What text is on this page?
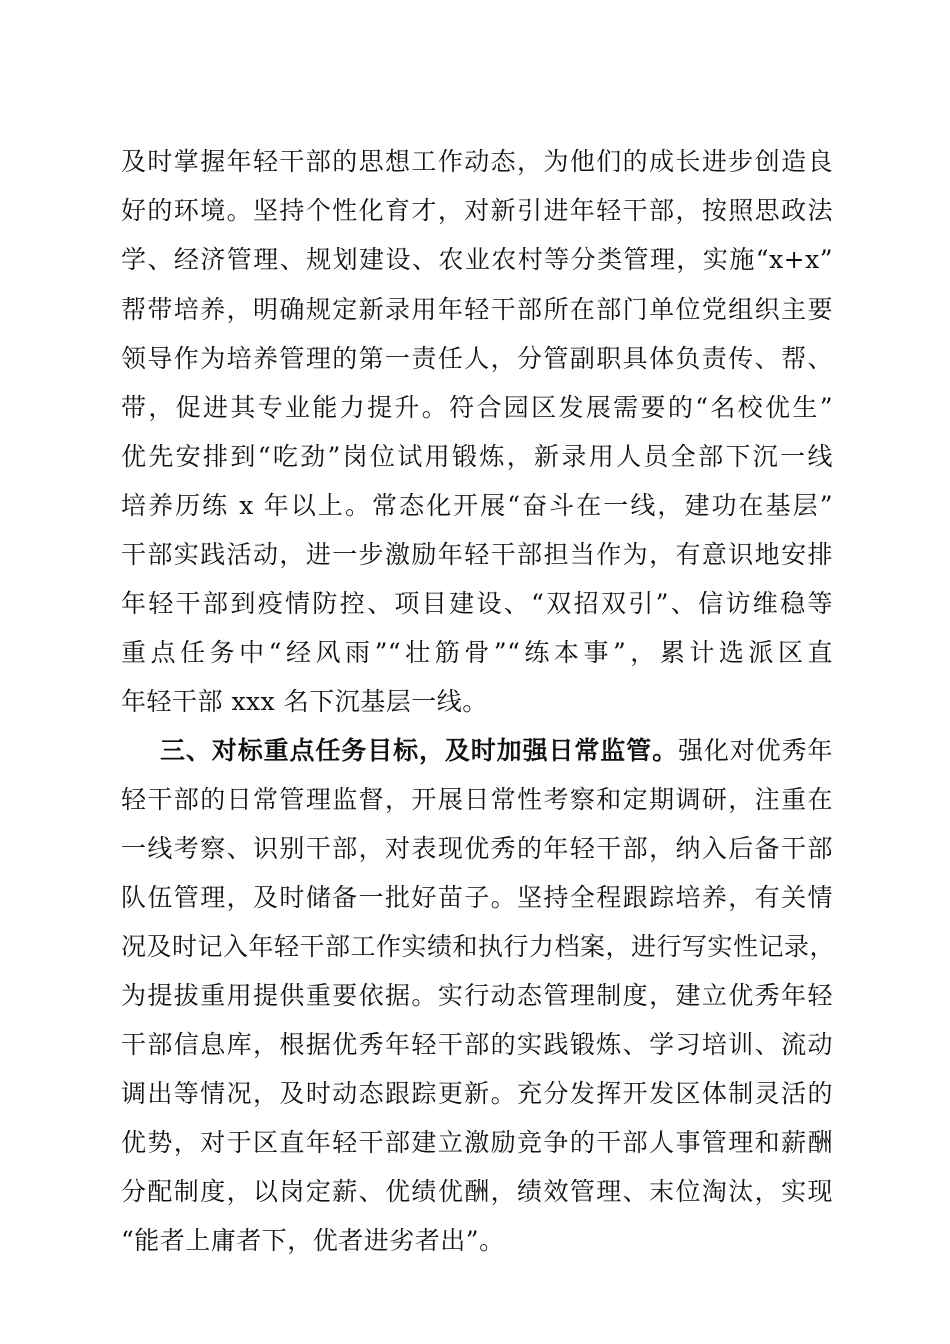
及时掌握年轻干部的思想工作动态，为他们的成长进步创造良
好的环境。坚持个性化育才，对新引进年轻干部，按照思政法
学、经济管理、规划建设、农业农村等分类管理，实施“x+x”
帮带培养，明确规定新录用年轻干部所在部门单位党组织主要
领导作为培养管理的第一责任人，分管副职具体负责传、帮、
带，促进其专业能力提升。符合园区发展需要的“名校优生”
优先安排到“吃劲”岗位试用锻炼，新录用人员全部下沉一线
培养历练 x 年以上。常态化开展“奋斗在一线，建功在基层”
干部实践活动，进一步激励年轻干部担当作为，有意识地安排
年轻干部到疫情防控、项目建设、“双招双引”、信访维稳等
重点任务中“经风雨”“壮筋骨”“练本事”，累计选派区直
年轻干部 xxx 名下沉基层一线。
三、对标重点任务目标，及时加强日常监管。强化对优秀年
轻干部的日常管理监督，开展日常性考察和定期调研，注重在
一线考察、识别干部，对表现优秀的年轻干部，纳入后备干部
队伍管理，及时储备一批好苗子。坚持全程跟踪培养，有关情
况及时记入年轻干部工作实绩和执行力档案，进行写实性记录，
为提拔重用提供重要依据。实行动态管理制度，建立优秀年轻
干部信息库，根据优秀年轻干部的实践锻炼、学习培训、流动
调出等情况，及时动态跟踪更新。充分发挥开发区体制灵活的
优势，对于区直年轻干部建立激励竞争的干部人事管理和薪酬
分配制度，以岗定薪、优绩优酬，绩效管理、末位淘汰，实现
“能者上庸者下，优者进劣者出”。
